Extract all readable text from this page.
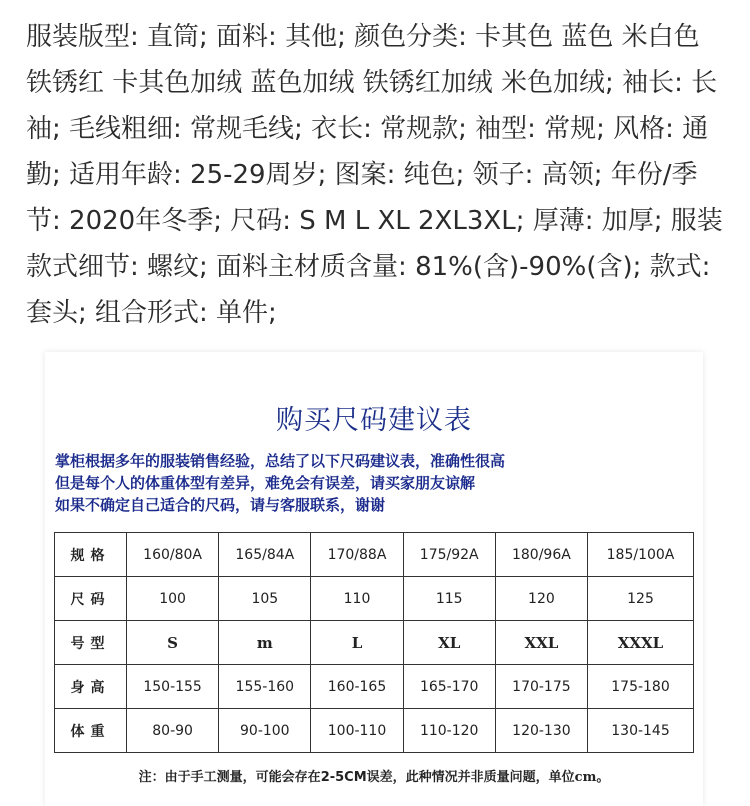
服装版型: 直筒; 面料: 其他; 颜色分类: 卡其色 蓝色 米白色 铁锈红 卡其色加绒 蓝色加绒 铁锈红加绒 米色加绒; 袖长: 长袖; 毛线粗细: 常规毛线; 衣长: 常规款; 袖型: 常规; 风格: 通勤; 适用年龄: 25-29周岁; 图案: 纯色; 领子: 高领; 年份/季节: 2020年冬季; 尺码: S M L XL 2XL3XL; 厚薄: 加厚; 服装款式细节: 螺纹; 面料主材质含量: 81%(含)-90%(含); 款式: 套头; 组合形式: 单件;
购买尺码建议表
掌柜根据多年的服装销售经验，总结了以下尺码建议表，准确性很高
但是每个人的体重体型有差异，难免会有误差，请买家朋友谅解
如果不确定自己适合的尺码，请与客服联系，谢谢
规格	160/80A	165/84A	170/88A	175/92A	180/96A	185/100A
尺码	100	105	110	115	120	125
号型	S	m	L	XL	XXL	XXXL
身高	150-155	155-160	160-165	165-170	170-175	175-180
体重	80-90	90-100	100-110	110-120	120-130	130-145
注：由于手工测量，可能会存在2-5CM误差，此种情况并非质量问题，单位cm。
